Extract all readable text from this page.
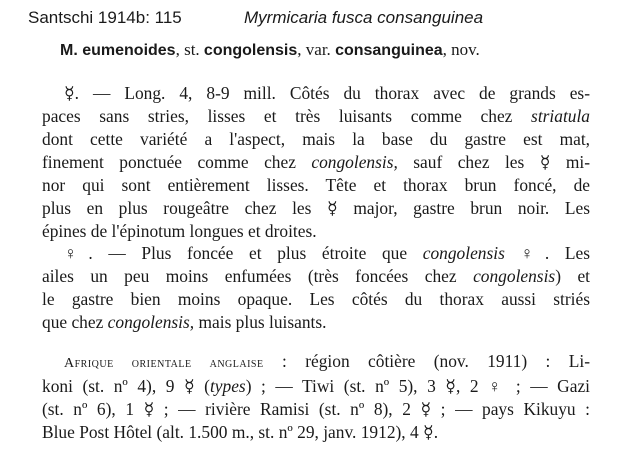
Santschi 1914b: 115	Myrmicaria fusca consanguinea
M. eumenoides, st. congolensis, var. consanguinea, nov.
☿. — Long. 4, 8-9 mill. Côtés du thorax avec de grands es-
paces sans stries, lisses et très luisants comme chez striatula
dont cette variété a l'aspect, mais la base du gastre est mat,
finement ponctuée comme chez congolensis, sauf chez les ☿ mi-
nor qui sont entièrement lisses. Tête et thorax brun foncé, de
plus en plus rougeâtre chez les ☿ major, gastre brun noir. Les
épines de l'épinotum longues et droites.
♀. — Plus foncée et plus étroite que congolensis ♀. Les
ailes un peu moins enfumées (très foncées chez congolensis) et
le gastre bien moins opaque. Les côtés du thorax aussi striés
que chez congolensis, mais plus luisants.
Afrique orientale anglaise : région côtière (nov. 1911) : Li-
koni (st. nº 4), 9 ☿ (types) ; — Tiwi (st. nº 5), 3 ☿, 2 ♀ ; — Gazi
(st. nº 6), 1 ☿ ; — rivière Ramisi (st. nº 8), 2 ☿ ; — pays Kikuyu :
Blue Post Hôtel (alt. 1.500 m., st. nº 29, janv. 1912), 4 ☿.
